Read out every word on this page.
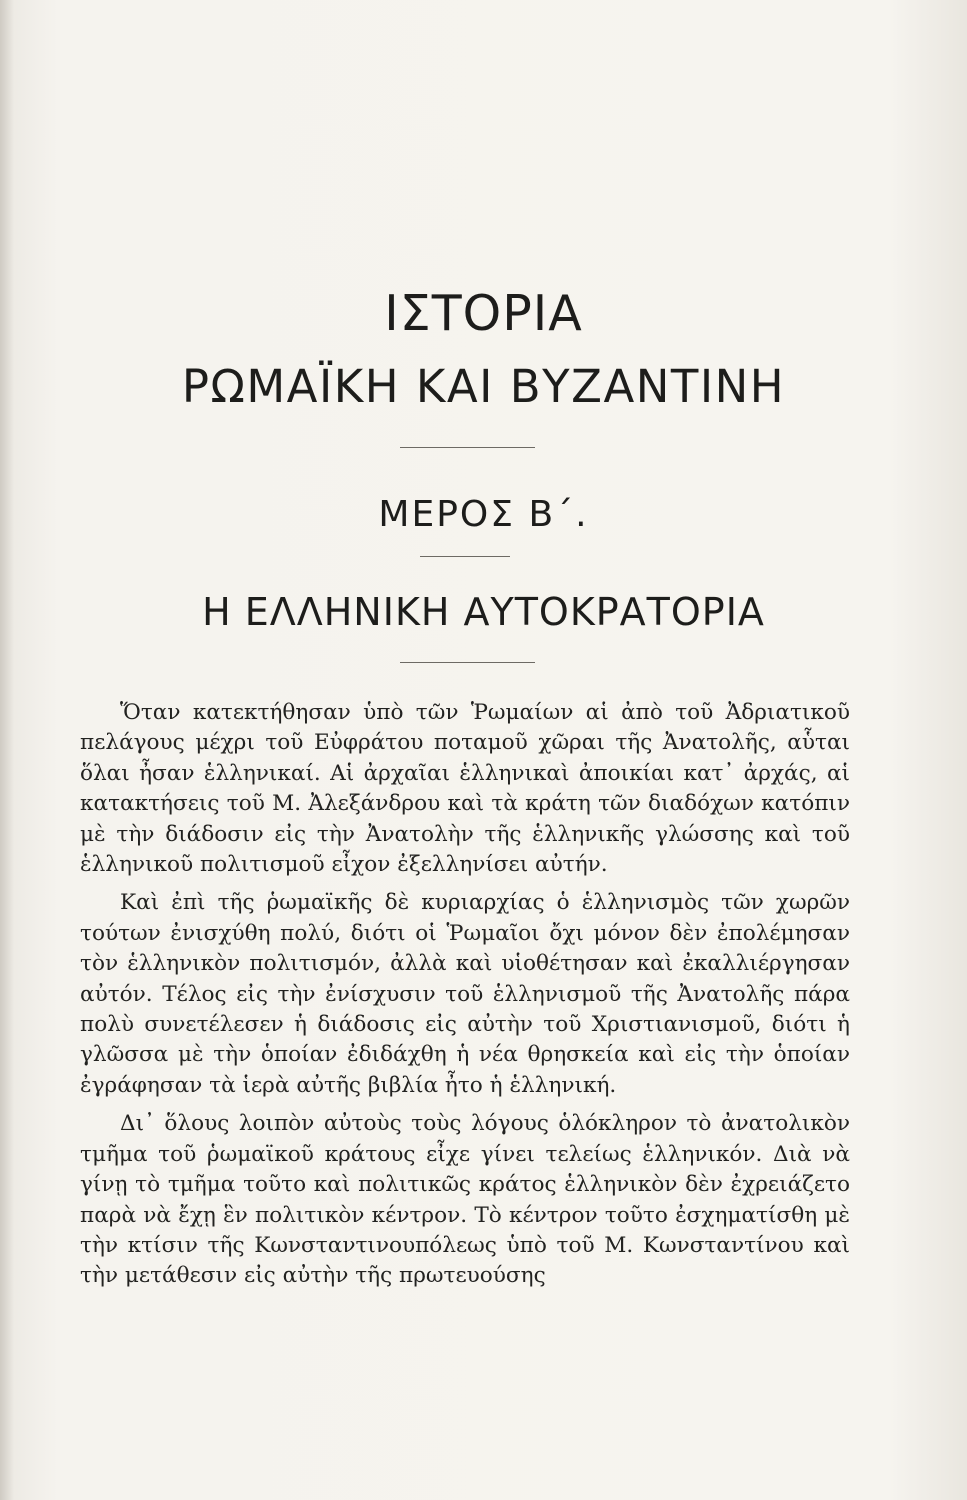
ΙΣΤΟΡΙΑ
ΡΩΜΑΪΚΗ ΚΑΙ ΒΥΖΑΝΤΙΝΗ
ΜΕΡΟΣ Β΄.
Η ΕΛΛΗΝΙΚΗ ΑΥΤΟΚΡΑΤΟΡΙΑ

Ὅταν κατεκτήθησαν ὑπὸ τῶν Ῥωμαίων αἱ ἀπὸ τοῦ Ἀδριατικοῦ πελάγους μέχρι τοῦ Εὐφράτου ποταμοῦ χῶραι τῆς Ἀνατολῆς, αὗται ὅλαι ἦσαν ἑλληνικαί. Αἱ ἀρχαῖαι ἑλληνικαὶ ἀποικίαι κατ᾽ ἀρχάς, αἱ κατακτήσεις τοῦ Μ. Ἀλεξάνδρου καὶ τὰ κράτη τῶν διαδόχων κατόπιν μὲ τὴν διάδοσιν εἰς τὴν Ἀνατολὴν τῆς ἑλληνικῆς γλώσσης καὶ τοῦ ἑλληνικοῦ πολιτισμοῦ εἶχον ἐξελληνίσει αὐτήν.

Καὶ ἐπὶ τῆς ῥωμαϊκῆς δὲ κυριαρχίας ὁ ἑλληνισμὸς τῶν χωρῶν τούτων ἐνισχύθη πολύ, διότι οἱ Ῥωμαῖοι ὄχι μόνον δὲν ἐπολέμησαν τὸν ἑλληνικὸν πολιτισμόν, ἀλλὰ καὶ υἱοθέτησαν καὶ ἐκαλλιέργησαν αὐτόν. Τέλος εἰς τὴν ἐνίσχυσιν τοῦ ἑλληνισμοῦ τῆς Ἀνατολῆς πάρα πολὺ συνετέλεσεν ἡ διάδοσις εἰς αὐτὴν τοῦ Χριστιανισμοῦ, διότι ἡ γλῶσσα μὲ τὴν ὁποίαν ἐδιδάχθη ἡ νέα θρησκεία καὶ εἰς τὴν ὁποίαν ἐγράφησαν τὰ ἱερὰ αὐτῆς βιβλία ἦτο ἡ ἑλληνική.

Δι᾽ ὅλους λοιπὸν αὐτοὺς τοὺς λόγους ὁλόκληρον τὸ ἀνατολικὸν τμῆμα τοῦ ῥωμαϊκοῦ κράτους εἶχε γίνει τελείως ἑλληνικόν. Διὰ νὰ γίνῃ τὸ τμῆμα τοῦτο καὶ πολιτικῶς κράτος ἑλληνικὸν δὲν ἐχρειάζετο παρὰ νὰ ἔχῃ ἓν πολιτικὸν κέντρον. Τὸ κέντρον τοῦτο ἐσχηματίσθη μὲ τὴν κτίσιν τῆς Κωνσταντινουπόλεως ὑπὸ τοῦ Μ. Κωνσταντίνου καὶ τὴν μετάθεσιν εἰς αὐτὴν τῆς πρωτευούσης
